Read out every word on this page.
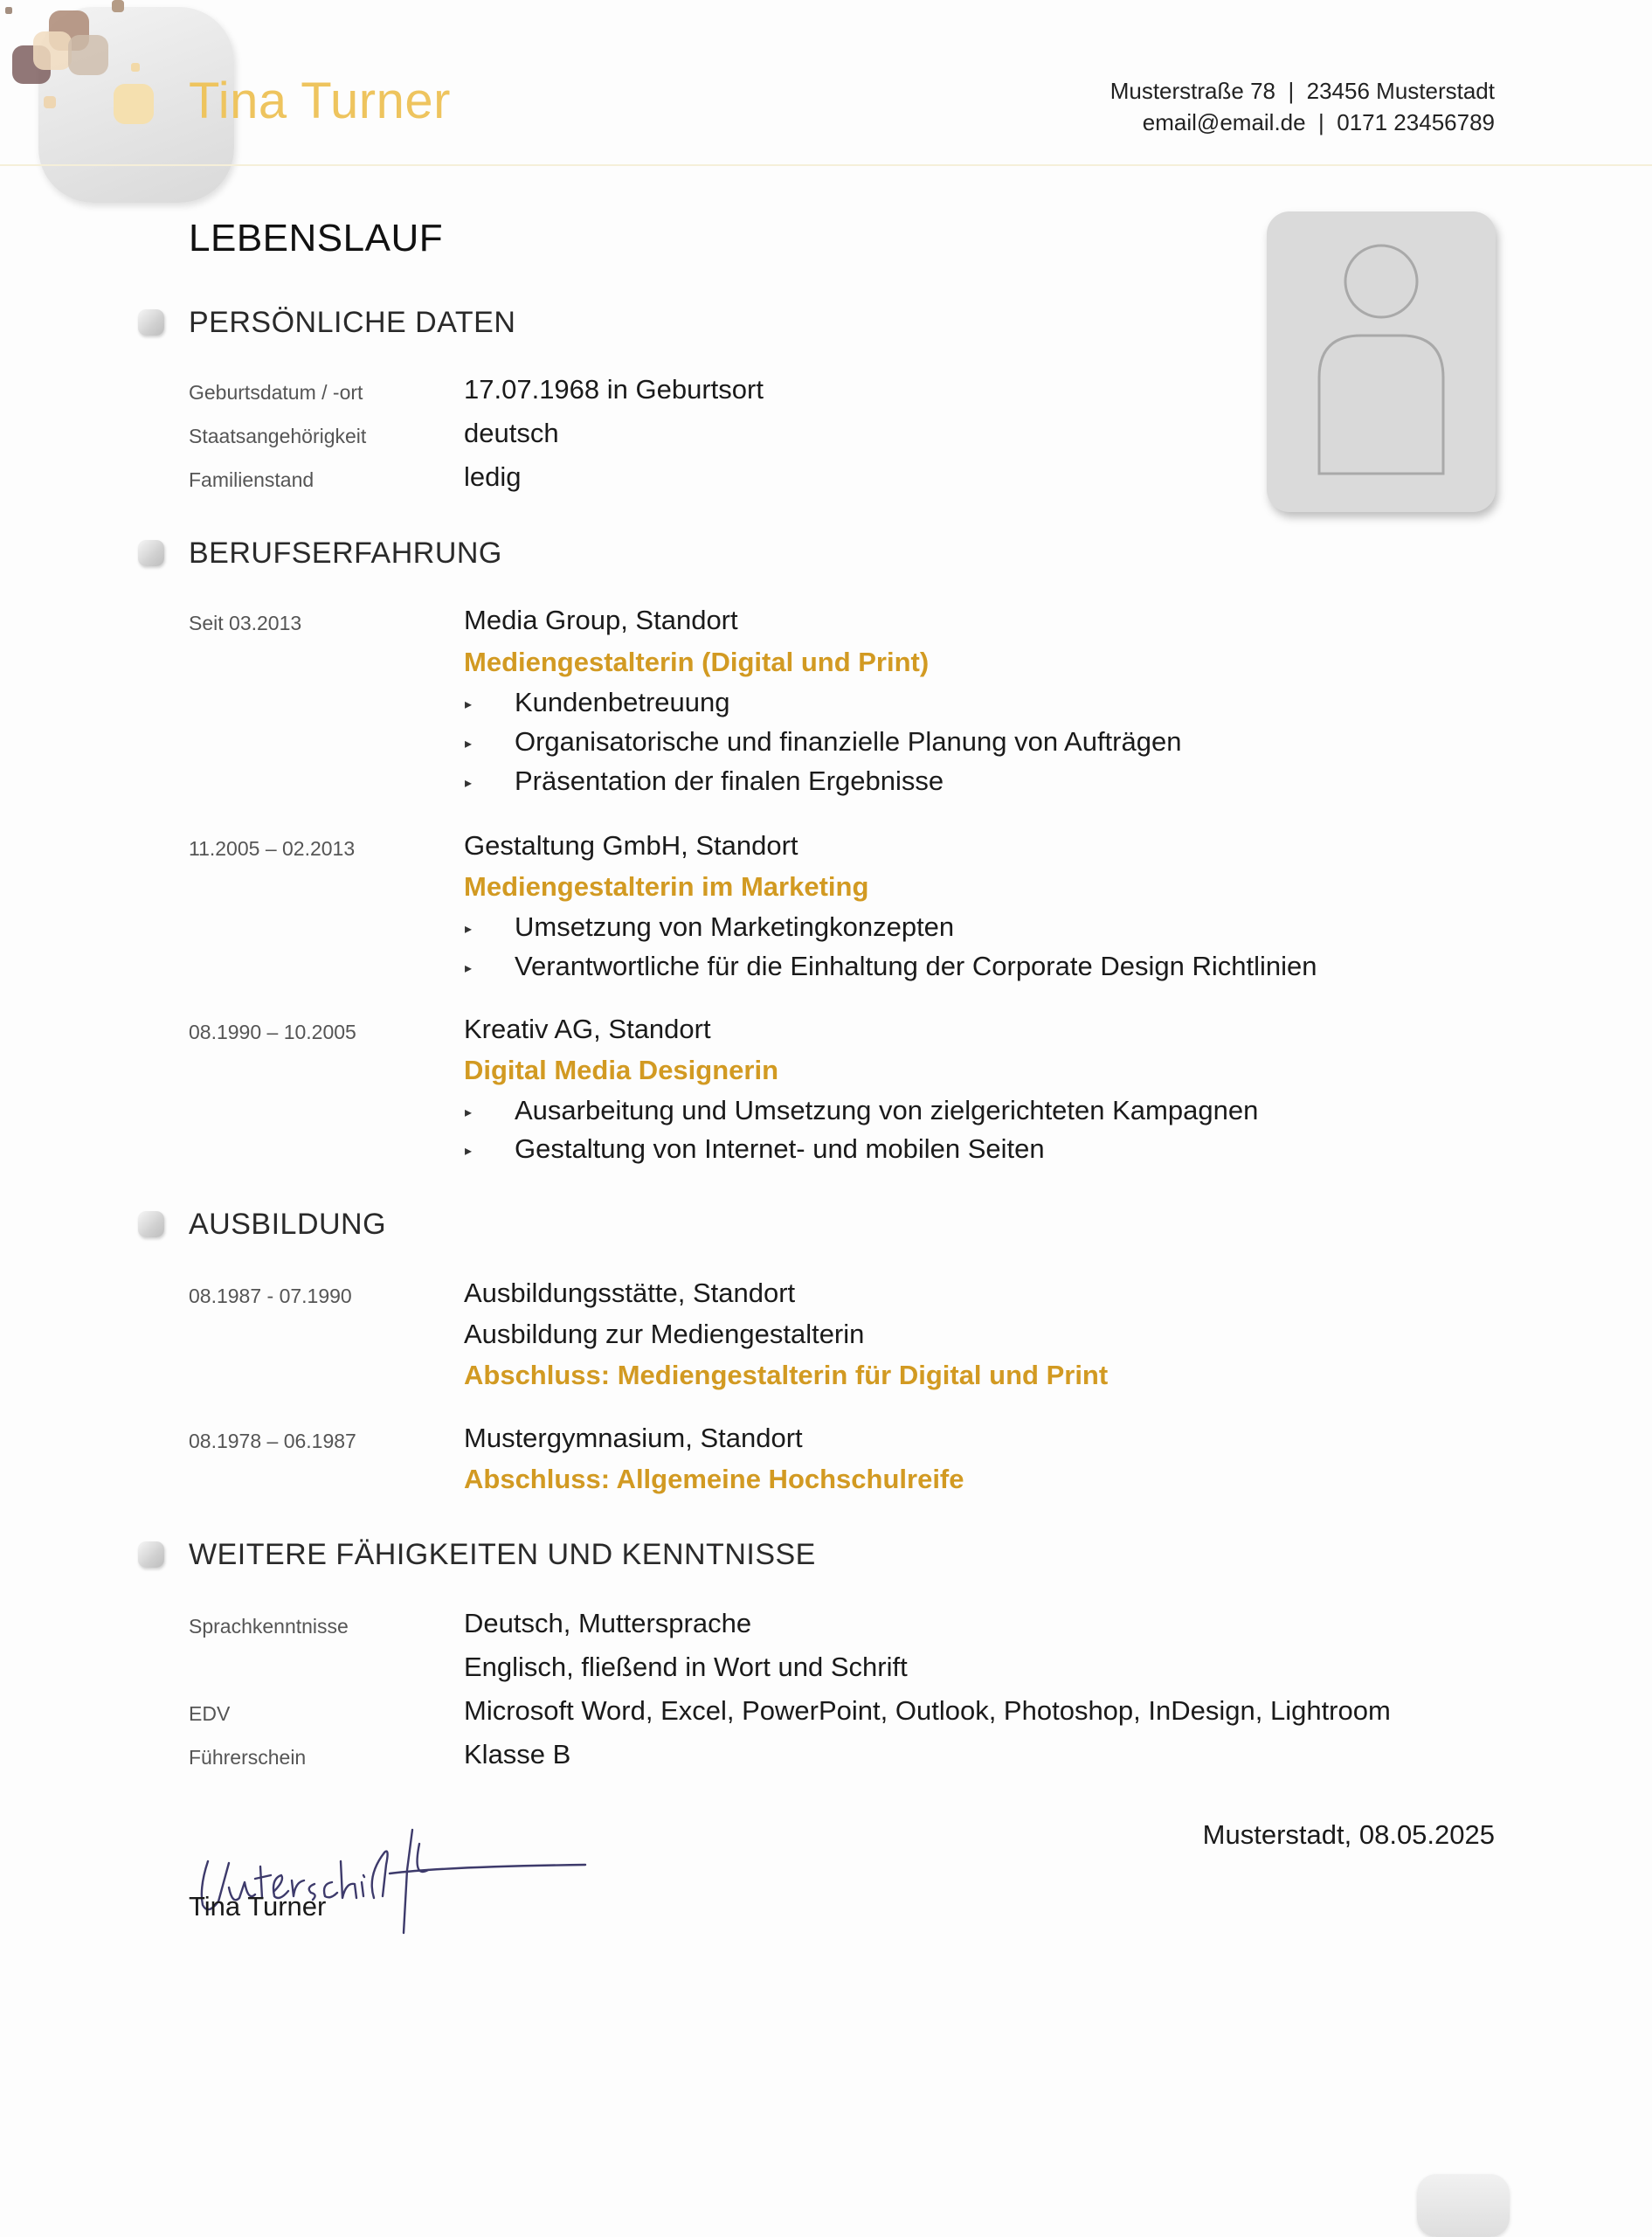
Tina Turner	Musterstraße 78  |  23456 Musterstadt
email@email.de  |  0171 23456789
LEBENSLAUF
PERSÖNLICHE DATEN
Geburtsdatum / -ort	17.07.1968 in Geburtsort
Staatsangehörigkeit	deutsch
Familienstand	ledig
BERUFSERFAHRUNG
Seit 03.2013	Media Group, Standort
Mediengestalterin (Digital und Print)
▸ Kundenbetreuung
▸ Organisatorische und finanzielle Planung von Aufträgen
▸ Präsentation der finalen Ergebnisse
11.2005 – 02.2013	Gestaltung GmbH, Standort
Mediengestalterin im Marketing
▸ Umsetzung von Marketingkonzepten
▸ Verantwortliche für die Einhaltung der Corporate Design Richtlinien
08.1990 – 10.2005	Kreativ AG, Standort
Digital Media Designerin
▸ Ausarbeitung und Umsetzung von zielgerichteten Kampagnen
▸ Gestaltung von Internet- und mobilen Seiten
AUSBILDUNG
08.1987 - 07.1990	Ausbildungsstätte, Standort
Ausbildung zur Mediengestalterin
Abschluss: Mediengestalterin für Digital und Print
08.1978 – 06.1987	Mustergymnasium, Standort
Abschluss: Allgemeine Hochschulreife
WEITERE FÄHIGKEITEN UND KENNTNISSE
Sprachkenntnisse	Deutsch, Muttersprache
Englisch, fließend in Wort und Schrift
EDV	Microsoft Word, Excel, PowerPoint, Outlook, Photoshop, InDesign, Lightroom
Führerschein	Klasse B
Musterstadt, 08.05.2025
Tina Turner
